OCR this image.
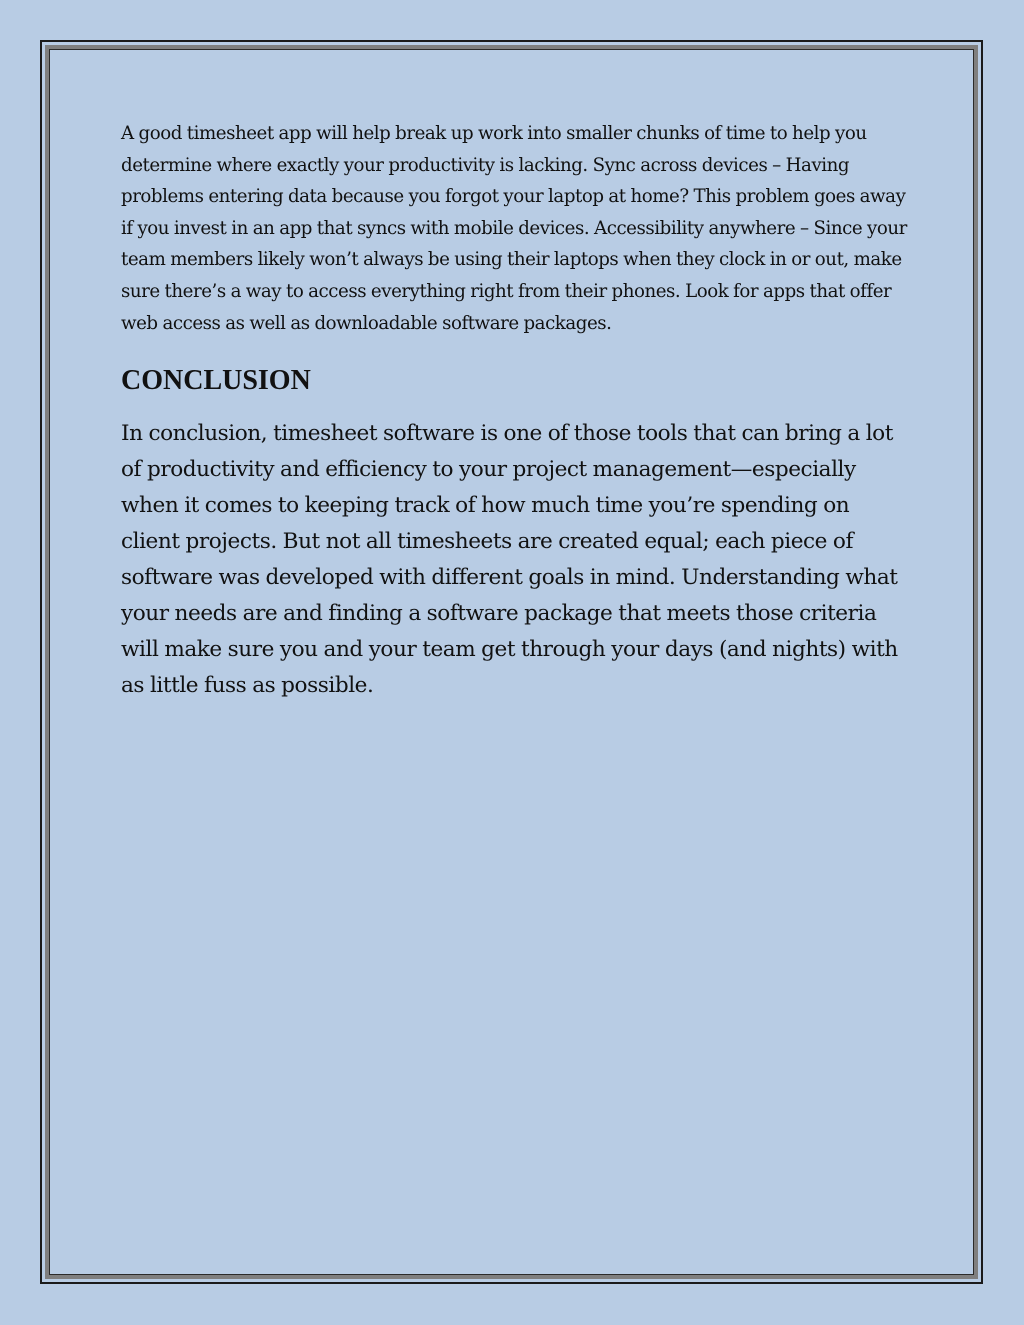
A good timesheet app will help break up work into smaller chunks of time to help you determine where exactly your productivity is lacking. Sync across devices – Having problems entering data because you forgot your laptop at home? This problem goes away if you invest in an app that syncs with mobile devices. Accessibility anywhere – Since your team members likely won’t always be using their laptops when they clock in or out, make sure there’s a way to access everything right from their phones. Look for apps that offer web access as well as downloadable software packages.

CONCLUSION

In conclusion, timesheet software is one of those tools that can bring a lot of productivity and efficiency to your project management—especially when it comes to keeping track of how much time you’re spending on client projects. But not all timesheets are created equal; each piece of software was developed with different goals in mind. Understanding what your needs are and finding a software package that meets those criteria will make sure you and your team get through your days (and nights) with as little fuss as possible.
